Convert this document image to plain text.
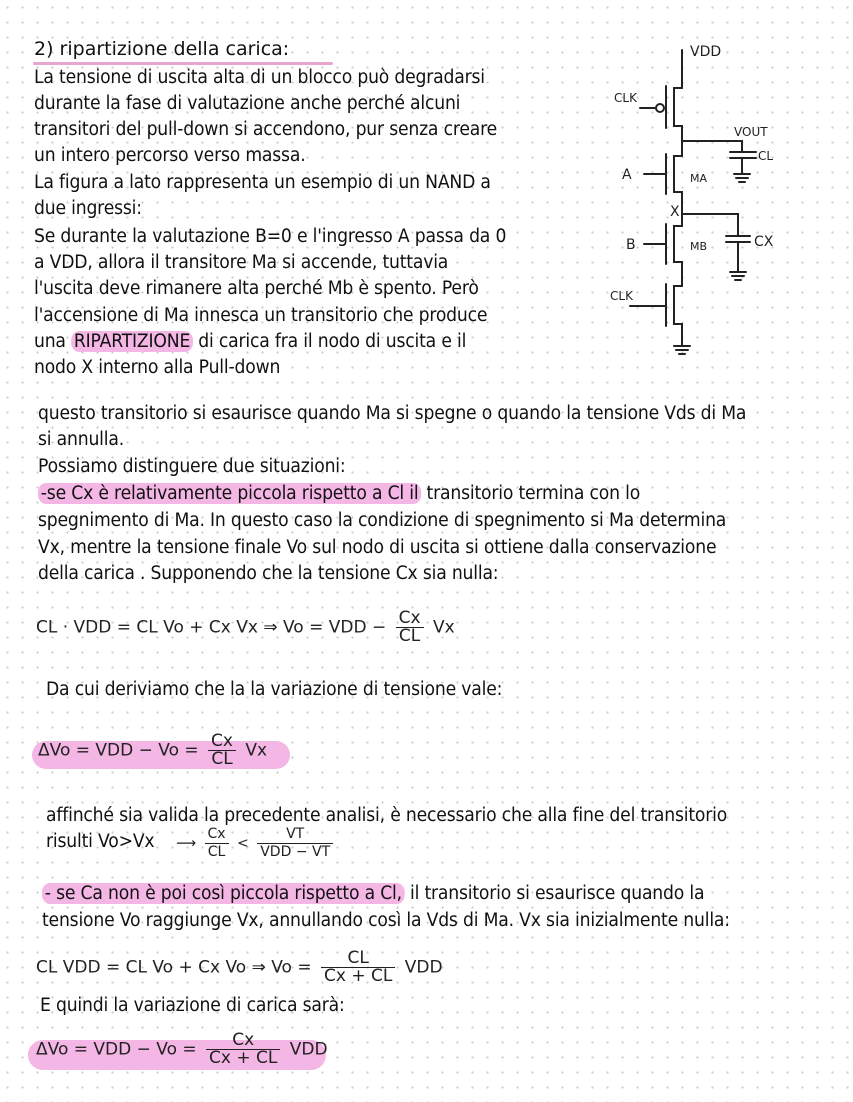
2) ripartizione della carica:
La tensione di uscita alta di un blocco può degradarsi
durante la fase di valutazione anche perché alcuni
transitori del pull-down si accendono, pur senza creare
un intero percorso verso massa.
La figura a lato rappresenta un esempio di un NAND a
due ingressi:
Se durante la valutazione B=0 e l'ingresso A passa da 0
a VDD, allora il transitore Ma si accende, tuttavia
l'uscita deve rimanere alta perché Mb è spento. Però
l'accensione di Ma innesca un transitorio che produce
una RIPARTIZIONE di carica fra il nodo di uscita e il
nodo X interno alla Pull-down
VDD
VOUT
CL
CLK
A	MA
X
B	MB	CX
CLK
questo transitorio si esaurisce quando Ma si spegne o quando la tensione Vds di Ma
si annulla.
Possiamo distinguere due situazioni:
-se Cx è relativamente piccola rispetto a Cl il transitorio termina con lo
spegnimento di Ma. In questo caso la condizione di spegnimento si Ma determina
Vx, mentre la tensione finale Vo sul nodo di uscita si ottiene dalla conservazione
della carica . Supponendo che la tensione Cx sia nulla:
CL · VDD = CL Vo + Cx Vx ⇒ Vo = VDD − $\frac{Cx}{CL}$ Vx
Da cui deriviamo che la la variazione di tensione vale:
ΔVo = VDD − $Vo = \frac{Cx}{CL}$ Vx
affinché sia valida la precedente analisi, è necessario che alla fine del transitorio
risulti Vo>Vx ⟶ $\frac{Cx}{CL} < \frac{VT}{\text{VDD − VT}}$
- se Ca non è poi così piccola rispetto a Cl, il transitorio si esaurisce quando la
tensione Vo raggiunge Vx, annullando così la Vds di Ma. Vx sia inizialmente nulla:
CL VDD = CL Vo + Cx Vo ⇒ $Vo = \frac{CL}{Cx + CL}$ VDD
E quindi la variazione di carica sarà:
ΔVo = VDD − $Vo = \frac{Cx}{Cx + CL}$ VDD
